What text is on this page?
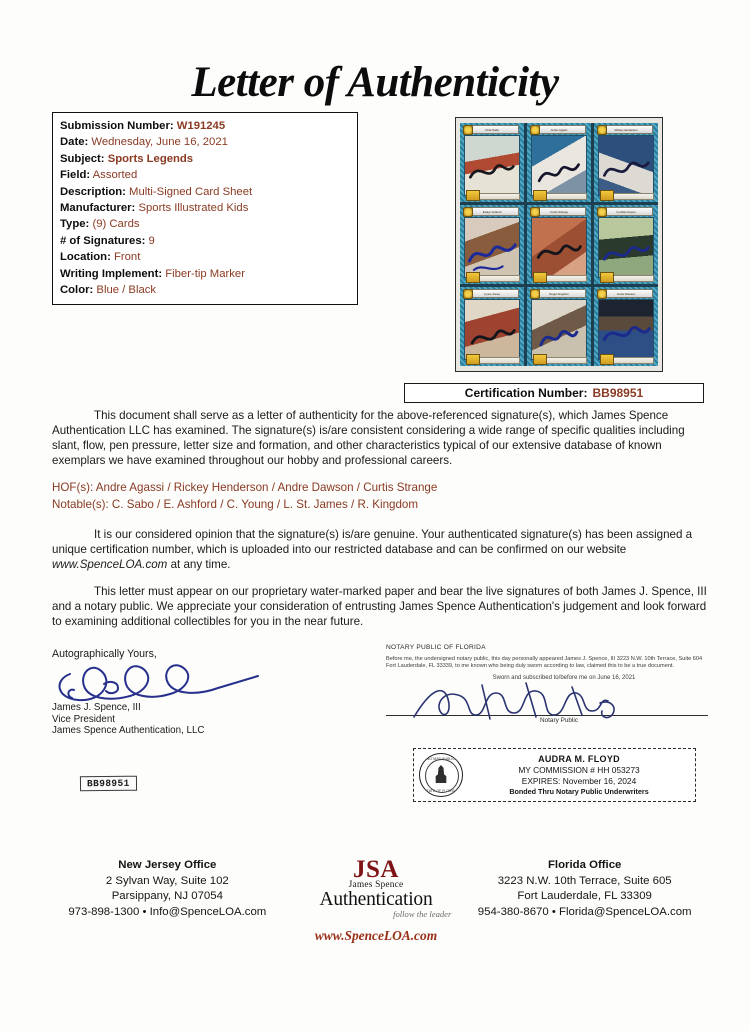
Letter of Authenticity
Submission Number: W191245
Date: Wednesday, June 16, 2021
Subject: Sports Legends
Field: Assorted
Description: Multi-Signed Card Sheet
Manufacturer: Sports Illustrated Kids
Type: (9) Cards
# of Signatures: 9
Location: Front
Writing Implement: Fiber-tip Marker
Color: Blue / Black
Chris Sabo	Andre Agassi	Rickey Henderson
Evelyn Ashford	Curtis Strange	Cynthia Cooper
Lynne Jones	Roger Kingdom	Andre Dawson
Certification Number: BB98951

This document shall serve as a letter of authenticity for the above-referenced signature(s), which James Spence Authentication LLC has examined. The signature(s) is/are consistent considering a wide range of specific qualities including slant, flow, pen pressure, letter size and formation, and other characteristics typical of our extensive database of known exemplars we have examined throughout our hobby and professional careers.

HOF(s): Andre Agassi / Rickey Henderson / Andre Dawson / Curtis Strange
Notable(s): C. Sabo / E. Ashford / C. Young / L. St. James / R. Kingdom

It is our considered opinion that the signature(s) is/are genuine. Your authenticated signature(s) has been assigned a unique certification number, which is uploaded into our restricted database and can be confirmed on our website www.SpenceLOA.com at any time.

This letter must appear on our proprietary water-marked paper and bear the live signatures of both James J. Spence, III and a notary public. We appreciate your consideration of entrusting James Spence Authentication's judgement and look forward to examining additional collectibles for you in the near future.

Autographically Yours,
James J. Spence, III
Vice President
James Spence Authentication, LLC
BB98951
NOTARY PUBLIC OF FLORIDA

Before me, the undersigned notary public, this day personally appeared James J. Spence, III 3223 N.W. 10th Terrace, Suite 604 Fort Lauderdale, FL 33339, to me known who being duly sworn according to law, claimed this to be a true document.

Sworn and subscribed to/before me on June 16, 2021
Notary Public
NOTARY PUBLIC
STATE OF FLORIDA
AUDRA M. FLOYD
MY COMMISSION # HH 053273
EXPIRES: November 16, 2024
Bonded Thru Notary Public Underwriters
New Jersey Office
2 Sylvan Way, Suite 102
Parsippany, NJ 07054
973-898-1300 • Info@SpenceLOA.com
JSA
James Spence
Authentication
follow the leader
www.SpenceLOA.com
Florida Office
3223 N.W. 10th Terrace, Suite 605
Fort Lauderdale, FL 33309
954-380-8670 • Florida@SpenceLOA.com
